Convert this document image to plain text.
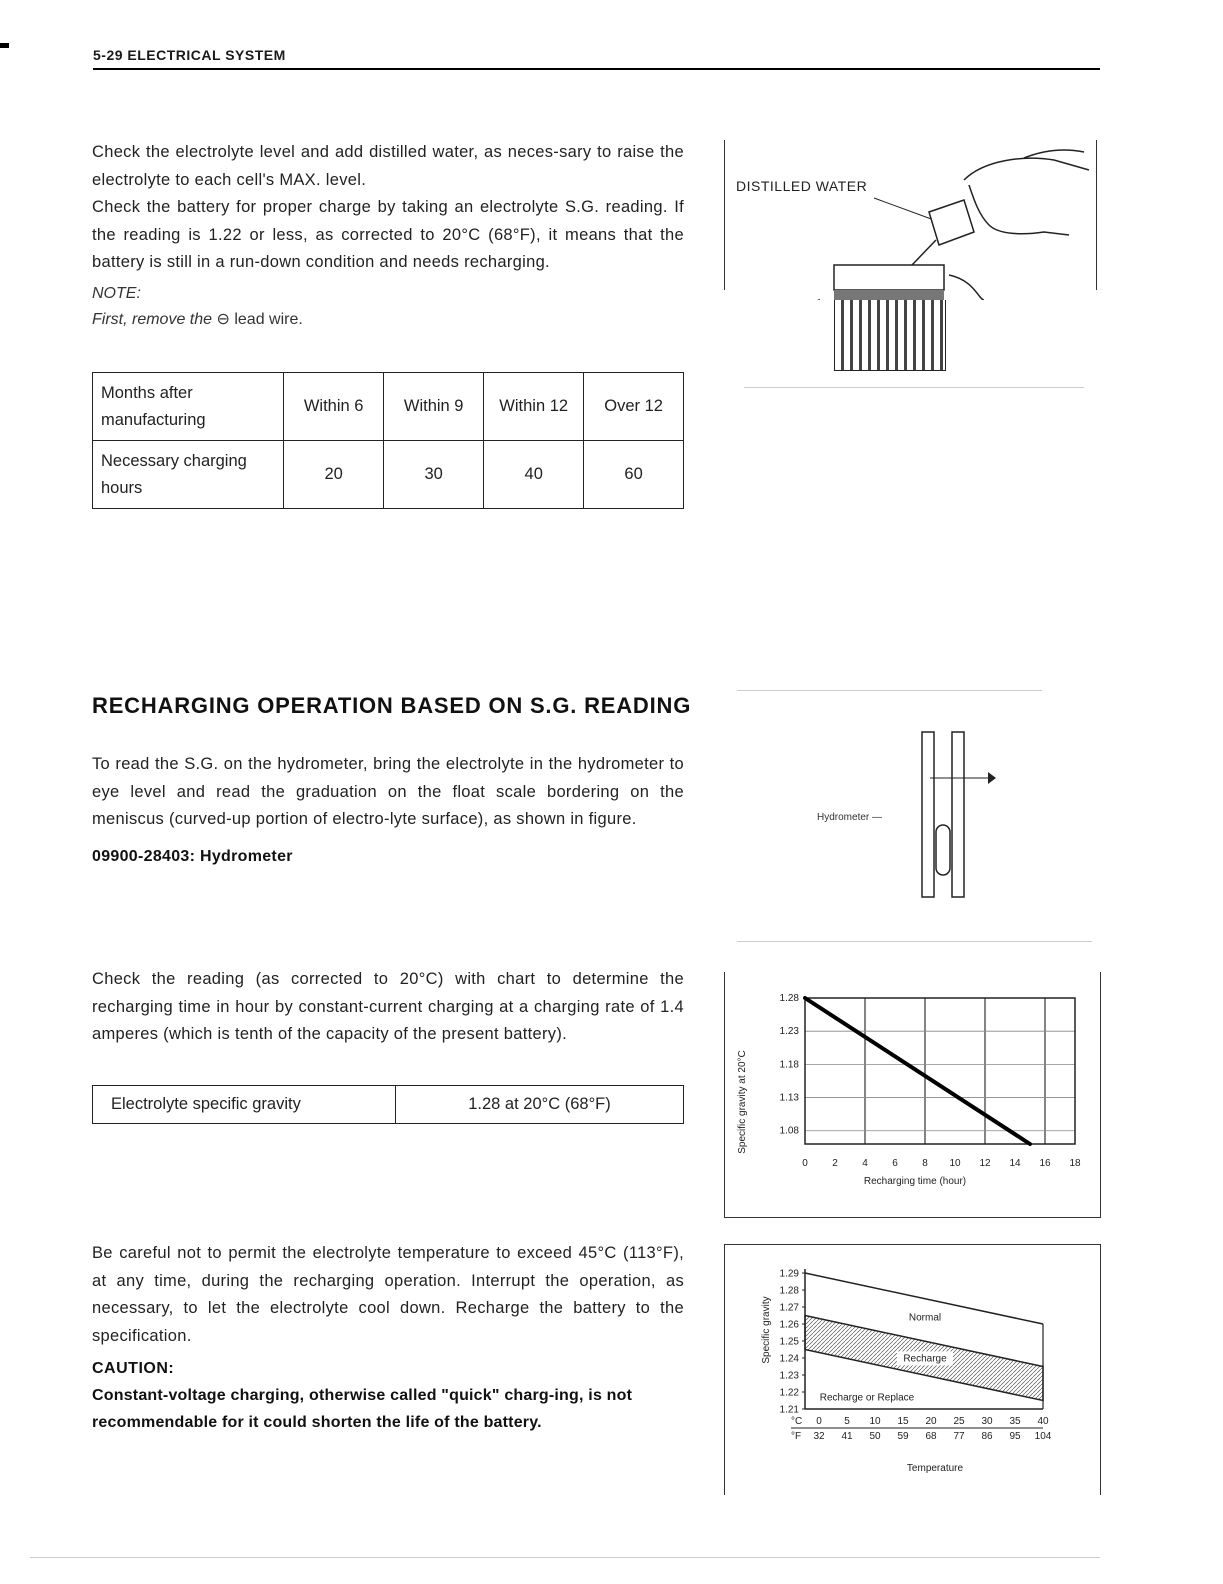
5-29 ELECTRICAL SYSTEM

Check the electrolyte level and add distilled water, as neces-sary to raise the electrolyte to each cell's MAX. level.

Check the battery for proper charge by taking an electrolyte S.G. reading. If the reading is 1.22 or less, as corrected to 20°C (68°F), it means that the battery is still in a run-down condition and needs recharging.

NOTE:
First, remove the ⊖ lead wire.
Months after manufacturing	Within 6	Within 9	Within 12	Over 12
Necessary charging hours	20	30	40	60
DISTILLED WATER
RECHARGING OPERATION BASED ON S.G. READING

To read the S.G. on the hydrometer, bring the electrolyte in the hydrometer to eye level and read the graduation on the float scale bordering on the meniscus (curved-up portion of electro-lyte surface), as shown in figure.

09900-28403: Hydrometer

Check the reading (as corrected to 20°C) with chart to determine the recharging time in hour by constant-current charging at a charging rate of 1.4 amperes (which is tenth of the capacity of the present battery).

Electrolyte specific gravity	1.28 at 20°C (68°F)
Hydrometer —
Specific gravity at 20°C
Recharging time (hour)
0 2 4 6 8 10 12 14 16 18
1.28
1.23
1.18
1.13
1.08

Be careful not to permit the electrolyte temperature to exceed 45°C (113°F), at any time, during the recharging operation. Interrupt the operation, as necessary, to let the electrolyte cool down. Recharge the battery to the specification.

CAUTION:

Constant-voltage charging, otherwise called "quick" charg-ing, is not recommendable for it could shorten the life of the battery.

Specific gravity
Temperature
1.29
1.28
1.27
1.26
1.25
1.24
1.23
1.22
1.21
°C
°F
0 5 10 15 20 25 30 35 40
32 41 50 59 68 77 86 95 104
Normal
Recharge
Recharge or Replace
